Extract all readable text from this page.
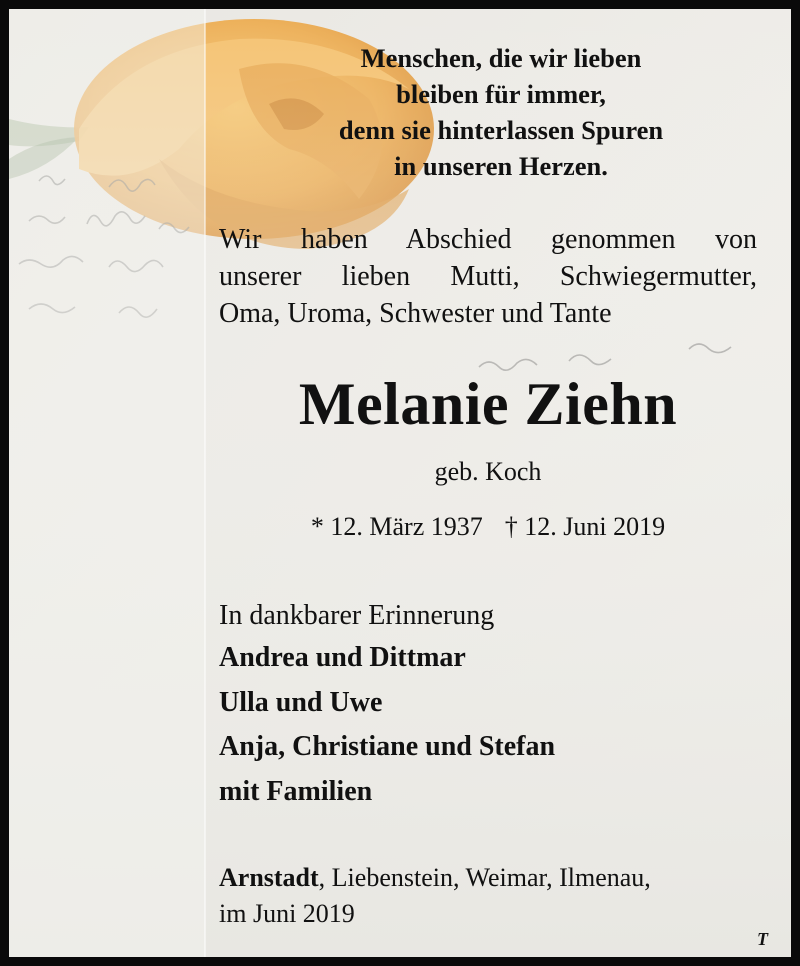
Menschen, die wir lieben
bleiben für immer,
denn sie hinterlassen Spuren
in unseren Herzen.
Wir haben Abschied genommen von
unserer lieben Mutti, Schwiegermutter,
Oma, Uroma, Schwester und Tante
Melanie Ziehn
geb. Koch
* 12. März 1937 † 12. Juni 2019
In dankbarer Erinnerung
Andrea und Dittmar
Ulla und Uwe
Anja, Christiane und Stefan
mit Familien
Arnstadt, Liebenstein, Weimar, Ilmenau,
im Juni 2019
T
